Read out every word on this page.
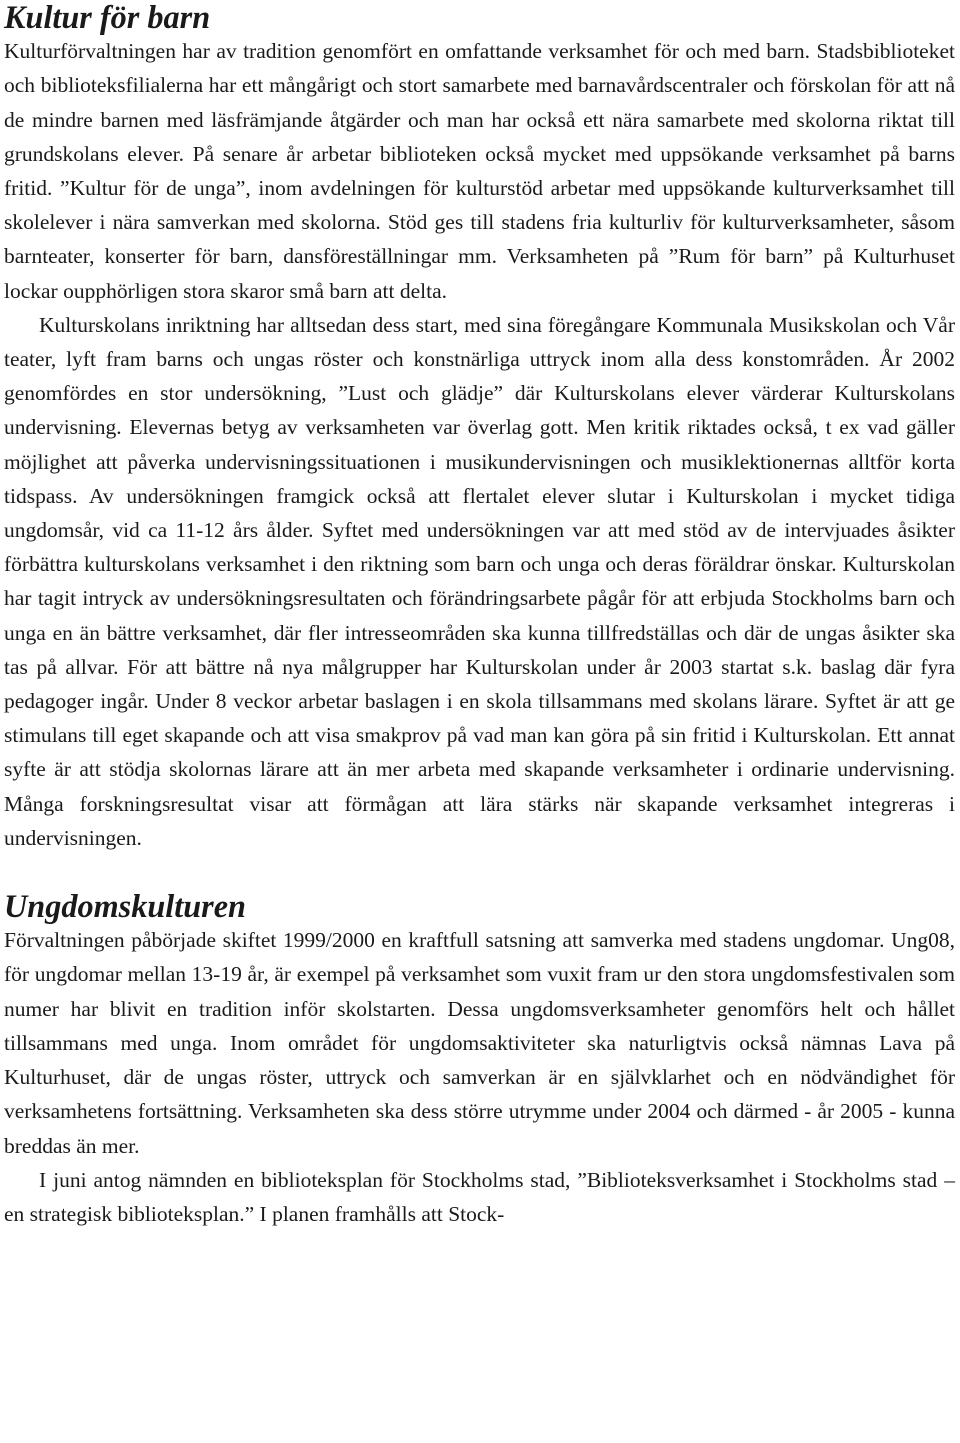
Kultur för barn

Kulturförvaltningen har av tradition genomfört en omfattande verksamhet för och med barn. Stadsbiblioteket och biblioteksfilialerna har ett mångårigt och stort samarbete med barnavårdscentraler och förskolan för att nå de mindre barnen med läsfrämjande åtgärder och man har också ett nära samarbete med skolorna riktat till grundskolans elever. På senare år arbetar biblioteken också mycket med uppsökande verksamhet på barns fritid. ”Kultur för de unga”, inom avdelningen för kulturstöd arbetar med uppsökande kulturverksamhet till skolelever i nära samverkan med skolorna. Stöd ges till stadens fria kulturliv för kulturverksamheter, såsom barnteater, konserter för barn, dansföreställningar mm. Verksamheten på ”Rum för barn” på Kulturhuset lockar oupphörligen stora skaror små barn att delta.

Kulturskolans inriktning har alltsedan dess start, med sina föregångare Kommunala Musikskolan och Vår teater, lyft fram barns och ungas röster och konstnärliga uttryck inom alla dess konstområden. År 2002 genomfördes en stor undersökning, ”Lust och glädje” där Kulturskolans elever värderar Kulturskolans undervisning. Elevernas betyg av verksamheten var överlag gott. Men kritik riktades också, t ex vad gäller möjlighet att påverka undervisningssituationen i musikundervisningen och musiklektionernas alltför korta tidspass. Av undersökningen framgick också att flertalet elever slutar i Kulturskolan i mycket tidiga ungdomsår, vid ca 11-12 års ålder. Syftet med undersökningen var att med stöd av de intervjuades åsikter förbättra kulturskolans verksamhet i den riktning som barn och unga och deras föräldrar önskar. Kulturskolan har tagit intryck av undersökningsresultaten och förändringsarbete pågår för att erbjuda Stockholms barn och unga en än bättre verksamhet, där fler intresseområden ska kunna tillfredställas och där de ungas åsikter ska tas på allvar. För att bättre nå nya målgrupper har Kulturskolan under år 2003 startat s.k. baslag där fyra pedagoger ingår. Under 8 veckor arbetar baslagen i en skola tillsammans med skolans lärare. Syftet är att ge stimulans till eget skapande och att visa smakprov på vad man kan göra på sin fritid i Kulturskolan. Ett annat syfte är att stödja skolornas lärare att än mer arbeta med skapande verksamheter i ordinarie undervisning. Många forskningsresultat visar att förmågan att lära stärks när skapande verksamhet integreras i undervisningen.

Ungdomskulturen

Förvaltningen påbörjade skiftet 1999/2000 en kraftfull satsning att samverka med stadens ungdomar. Ung08, för ungdomar mellan 13-19 år, är exempel på verksamhet som vuxit fram ur den stora ungdomsfestivalen som numer har blivit en tradition inför skolstarten. Dessa ungdomsverksamheter genomförs helt och hållet tillsammans med unga. Inom området för ungdomsaktiviteter ska naturligtvis också nämnas Lava på Kulturhuset, där de ungas röster, uttryck och samverkan är en självklarhet och en nödvändighet för verksamhetens fortsättning. Verksamheten ska dess större utrymme under 2004 och därmed - år 2005 - kunna breddas än mer.

I juni antog nämnden en biblioteksplan för Stockholms stad, ”Biblioteksverksamhet i Stockholms stad – en strategisk biblioteksplan.” I planen framhålls att Stock-
